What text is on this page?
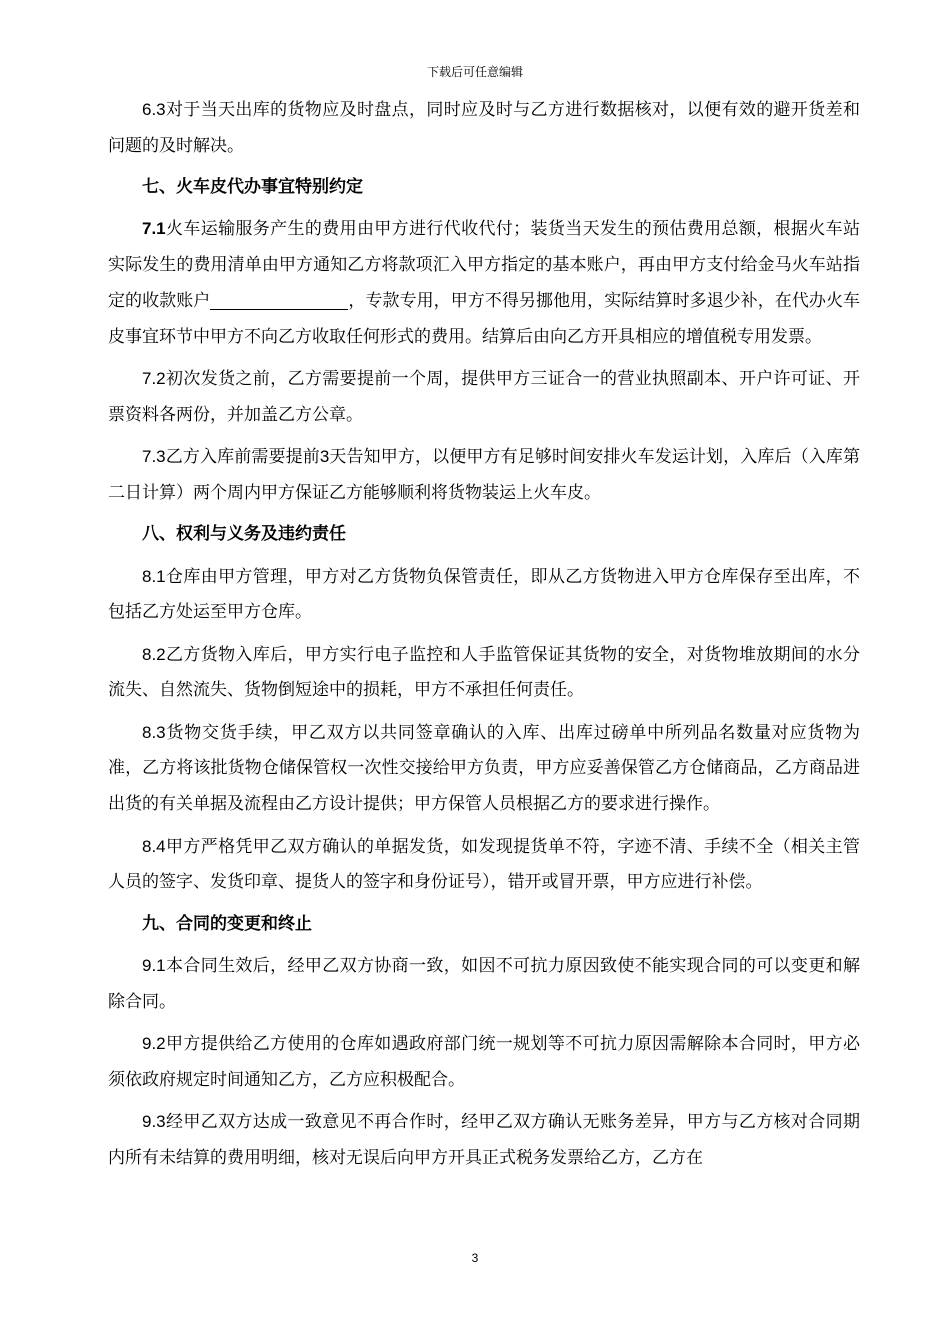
下载后可任意编辑

6.3对于当天出库的货物应及时盘点，同时应及时与乙方进行数据核对，以便有效的避开货差和问题的及时解决。

七、火车皮代办事宜特别约定

7.1火车运输服务产生的费用由甲方进行代收代付；装货当天发生的预估费用总额，根据火车站实际发生的费用清单由甲方通知乙方将款项汇入甲方指定的基本账户，再由甲方支付给金马火车站指定的收款账户	，专款专用，甲方不得另挪他用，实际结算时多退少补，在代办火车皮事宜环节中甲方不向乙方收取任何形式的费用。结算后由向乙方开具相应的增值税专用发票。

7.2初次发货之前，乙方需要提前一个周，提供甲方三证合一的营业执照副本、开户许可证、开票资料各两份，并加盖乙方公章。

7.3乙方入库前需要提前3天告知甲方，以便甲方有足够时间安排火车发运计划，入库后（入库第二日计算）两个周内甲方保证乙方能够顺利将货物装运上火车皮。

八、权利与义务及违约责任

8.1仓库由甲方管理，甲方对乙方货物负保管责任，即从乙方货物进入甲方仓库保存至出库，不包括乙方处运至甲方仓库。

8.2乙方货物入库后，甲方实行电子监控和人手监管保证其货物的安全，对货物堆放期间的水分流失、自然流失、货物倒短途中的损耗，甲方不承担任何责任。

8.3货物交货手续，甲乙双方以共同签章确认的入库、出库过磅单中所列品名数量对应货物为准，乙方将该批货物仓储保管权一次性交接给甲方负责，甲方应妥善保管乙方仓储商品，乙方商品进出货的有关单据及流程由乙方设计提供；甲方保管人员根据乙方的要求进行操作。

8.4甲方严格凭甲乙双方确认的单据发货，如发现提货单不符，字迹不清、手续不全（相关主管人员的签字、发货印章、提货人的签字和身份证号），错开或冒开票，甲方应进行补偿。

九、合同的变更和终止

9.1本合同生效后，经甲乙双方协商一致，如因不可抗力原因致使不能实现合同的可以变更和解除合同。

9.2甲方提供给乙方使用的仓库如遇政府部门统一规划等不可抗力原因需解除本合同时，甲方必须依政府规定时间通知乙方，乙方应积极配合。

9.3经甲乙双方达成一致意见不再合作时，经甲乙双方确认无账务差异，甲方与乙方核对合同期内所有未结算的费用明细，核对无误后向甲方开具正式税务发票给乙方，乙方在

3
